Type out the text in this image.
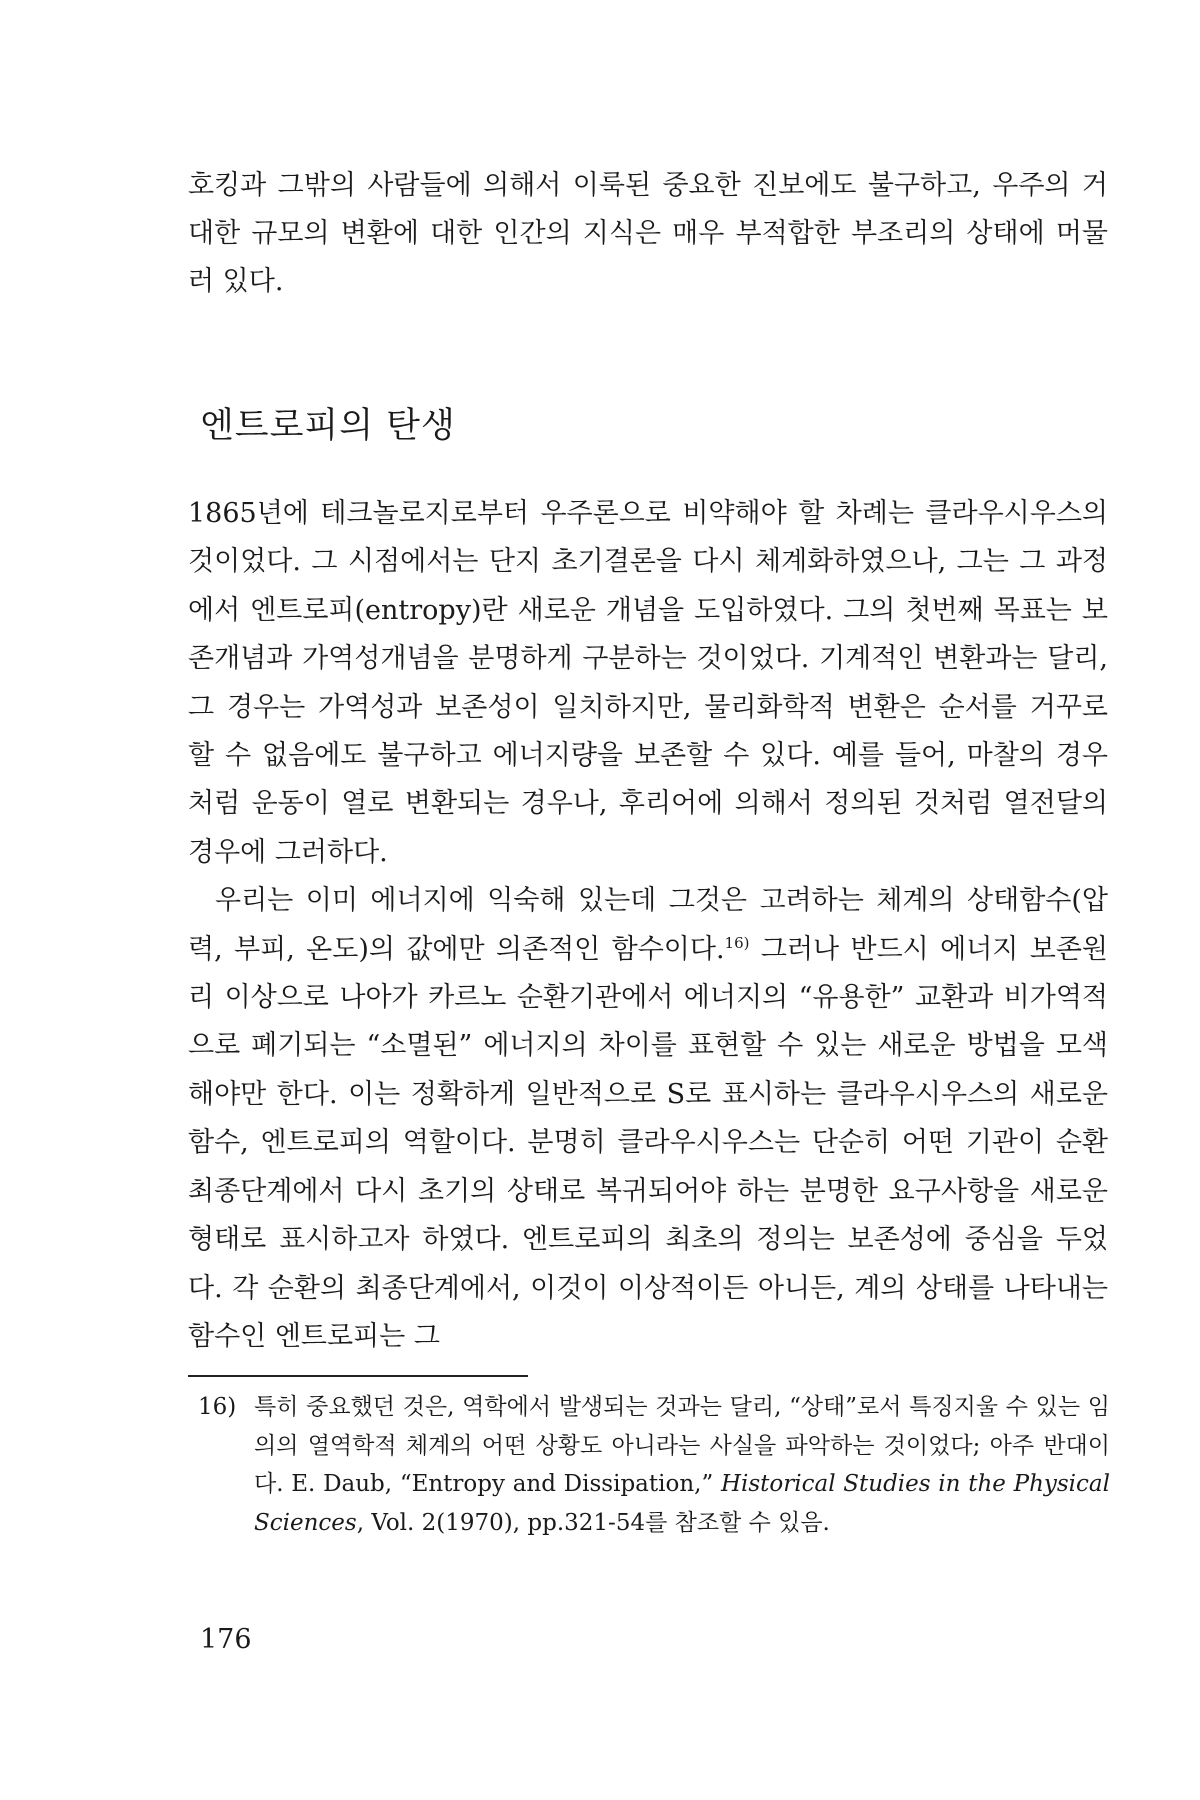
호킹과 그밖의 사람들에 의해서 이룩된 중요한 진보에도 불구하고, 우주의 거대한 규모의 변환에 대한 인간의 지식은 매우 부적합한 부조리의 상태에 머물러 있다.

엔트로피의 탄생

1865년에 테크놀로지로부터 우주론으로 비약해야 할 차례는 클라우시우스의 것이었다. 그 시점에서는 단지 초기결론을 다시 체계화하였으나, 그는 그 과정에서 엔트로피(entropy)란 새로운 개념을 도입하였다. 그의 첫번째 목표는 보존개념과 가역성개념을 분명하게 구분하는 것이었다. 기계적인 변환과는 달리, 그 경우는 가역성과 보존성이 일치하지만, 물리화학적 변환은 순서를 거꾸로 할 수 없음에도 불구하고 에너지량을 보존할 수 있다. 예를 들어, 마찰의 경우처럼 운동이 열로 변환되는 경우나, 후리어에 의해서 정의된 것처럼 열전달의 경우에 그러하다.

우리는 이미 에너지에 익숙해 있는데 그것은 고려하는 체계의 상태함수(압력, 부피, 온도)의 값에만 의존적인 함수이다.$^{16)}$ 그러나 반드시 에너지 보존원리 이상으로 나아가 카르노 순환기관에서 에너지의 “유용한” 교환과 비가역적으로 폐기되는 “소멸된” 에너지의 차이를 표현할 수 있는 새로운 방법을 모색해야만 한다. 이는 정확하게 일반적으로 S로 표시하는 클라우시우스의 새로운 함수, 엔트로피의 역할이다. 분명히 클라우시우스는 단순히 어떤 기관이 순환 최종단계에서 다시 초기의 상태로 복귀되어야 하는 분명한 요구사항을 새로운 형태로 표시하고자 하였다. 엔트로피의 최초의 정의는 보존성에 중심을 두었다. 각 순환의 최종단계에서, 이것이 이상적이든 아니든, 계의 상태를 나타내는 함수인 엔트로피는 그

16) 특히 중요했던 것은, 역학에서 발생되는 것과는 달리, “상태”로서 특징지울 수 있는 임의의 열역학적 체계의 어떤 상황도 아니라는 사실을 파악하는 것이었다; 아주 반대이다. E. Daub, “Entropy and Dissipation,” Historical Studies in the Physical Sciences, Vol. 2(1970), pp.321-54를 참조할 수 있음.
176
